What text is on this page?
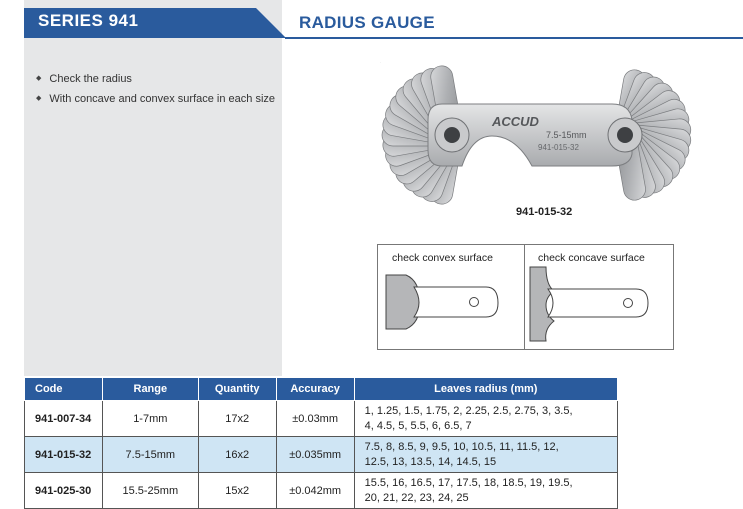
SERIES 941	RADIUS GAUGE
◆ Check the radius
◆ With concave and convex surface in each size
ACCUD
7.5-15mm
941-015-32
941-015-32
check convex surface	check concave surface
Code	Range	Quantity	Accuracy	Leaves radius (mm)
941-007-34	1-7mm	17x2	±0.03mm	1, 1.25, 1.5, 1.75, 2, 2.25, 2.5, 2.75, 3, 3.5,
4, 4.5, 5, 5.5, 6, 6.5, 7
941-015-32	7.5-15mm	16x2	±0.035mm	7.5, 8, 8.5, 9, 9.5, 10, 10.5, 11, 11.5, 12,
12.5, 13, 13.5, 14, 14.5, 15
941-025-30	15.5-25mm	15x2	±0.042mm	15.5, 16, 16.5, 17, 17.5, 18, 18.5, 19, 19.5,
20, 21, 22, 23, 24, 25
